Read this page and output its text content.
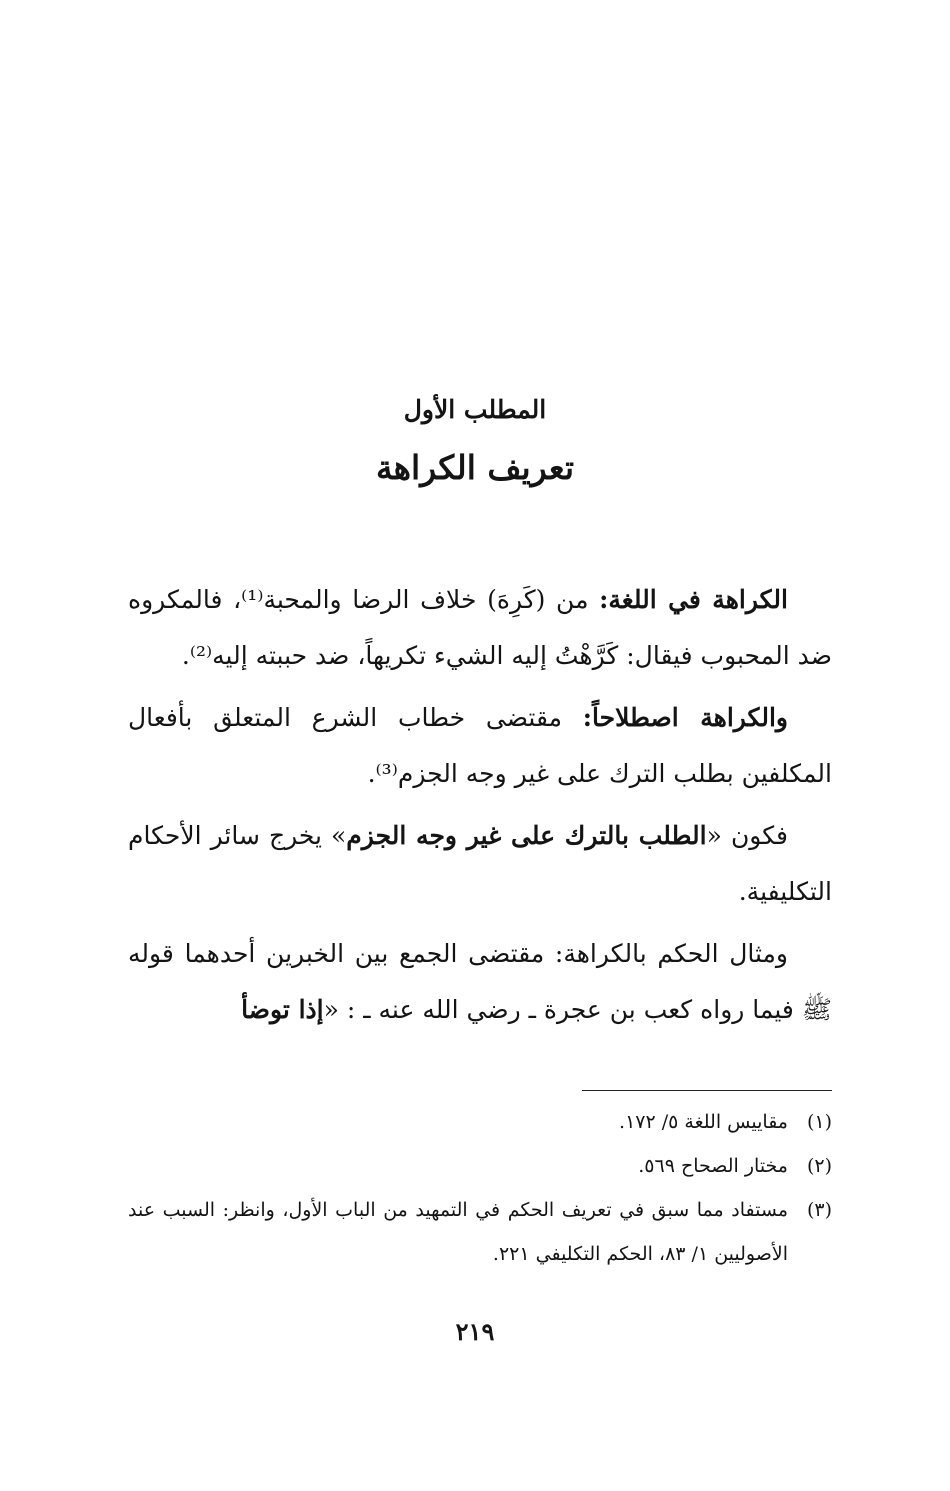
المطلب الأول
تعريف الكراهة

الكراهة في اللغة: من (كَرِهَ) خلاف الرضا والمحبة⁽¹⁾، فالمكروه ضد المحبوب فيقال: كَرَّهْتُ إليه الشيء تكريهاً، ضد حببته إليه⁽²⁾.

والكراهة اصطلاحاً: مقتضى خطاب الشرع المتعلق بأفعال المكلفين بطلب الترك على غير وجه الجزم⁽³⁾.

فكون «الطلب بالترك على غير وجه الجزم» يخرج سائر الأحكام التكليفية.

ومثال الحكم بالكراهة: مقتضى الجمع بين الخبرين أحدهما قوله ﷺ فيما رواه كعب بن عجرة ـ رضي الله عنه ـ : «إذا توضأ

(١)
مقاييس اللغة ٥/ ١٧٢.
(٢)
مختار الصحاح ٥٦٩.
(٣)
مستفاد مما سبق في تعريف الحكم في التمهيد من الباب الأول، وانظر: السبب عند الأصوليين ١/ ٨٣، الحكم التكليفي ٢٢١.
٢١٩
